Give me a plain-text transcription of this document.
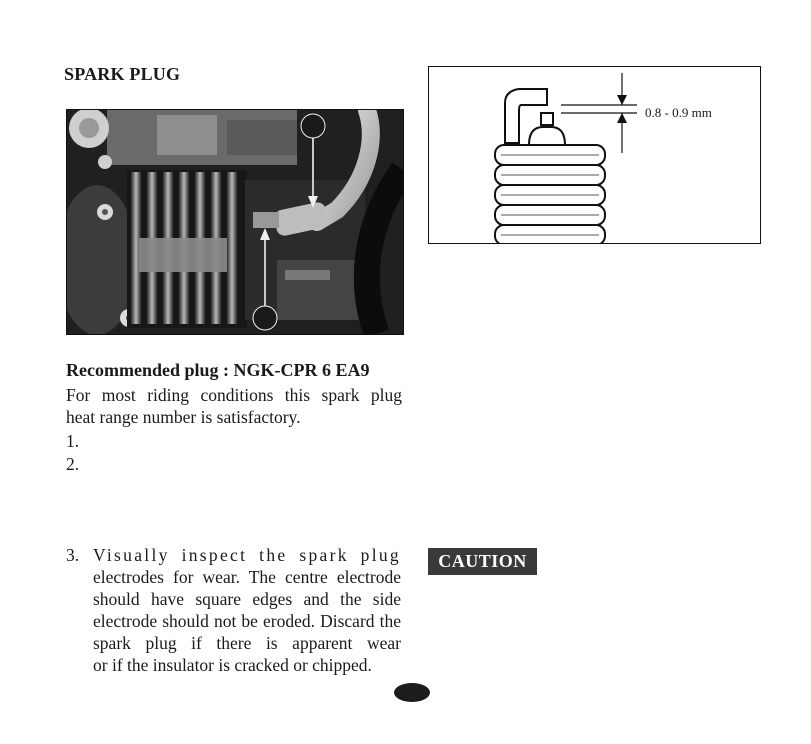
SPARK PLUG
0.8 - 0.9 mm
Recommended plug : NGK-CPR 6 EA9
For most riding conditions this spark plug
heat range number is satisfactory.
1.
2.
3. Visually inspect the spark plug
electrodes for wear. The centre electrode should have square edges and the side electrode should not be eroded. Discard the spark plug if there is apparent wear
or if the insulator is cracked or chipped.
CAUTION
